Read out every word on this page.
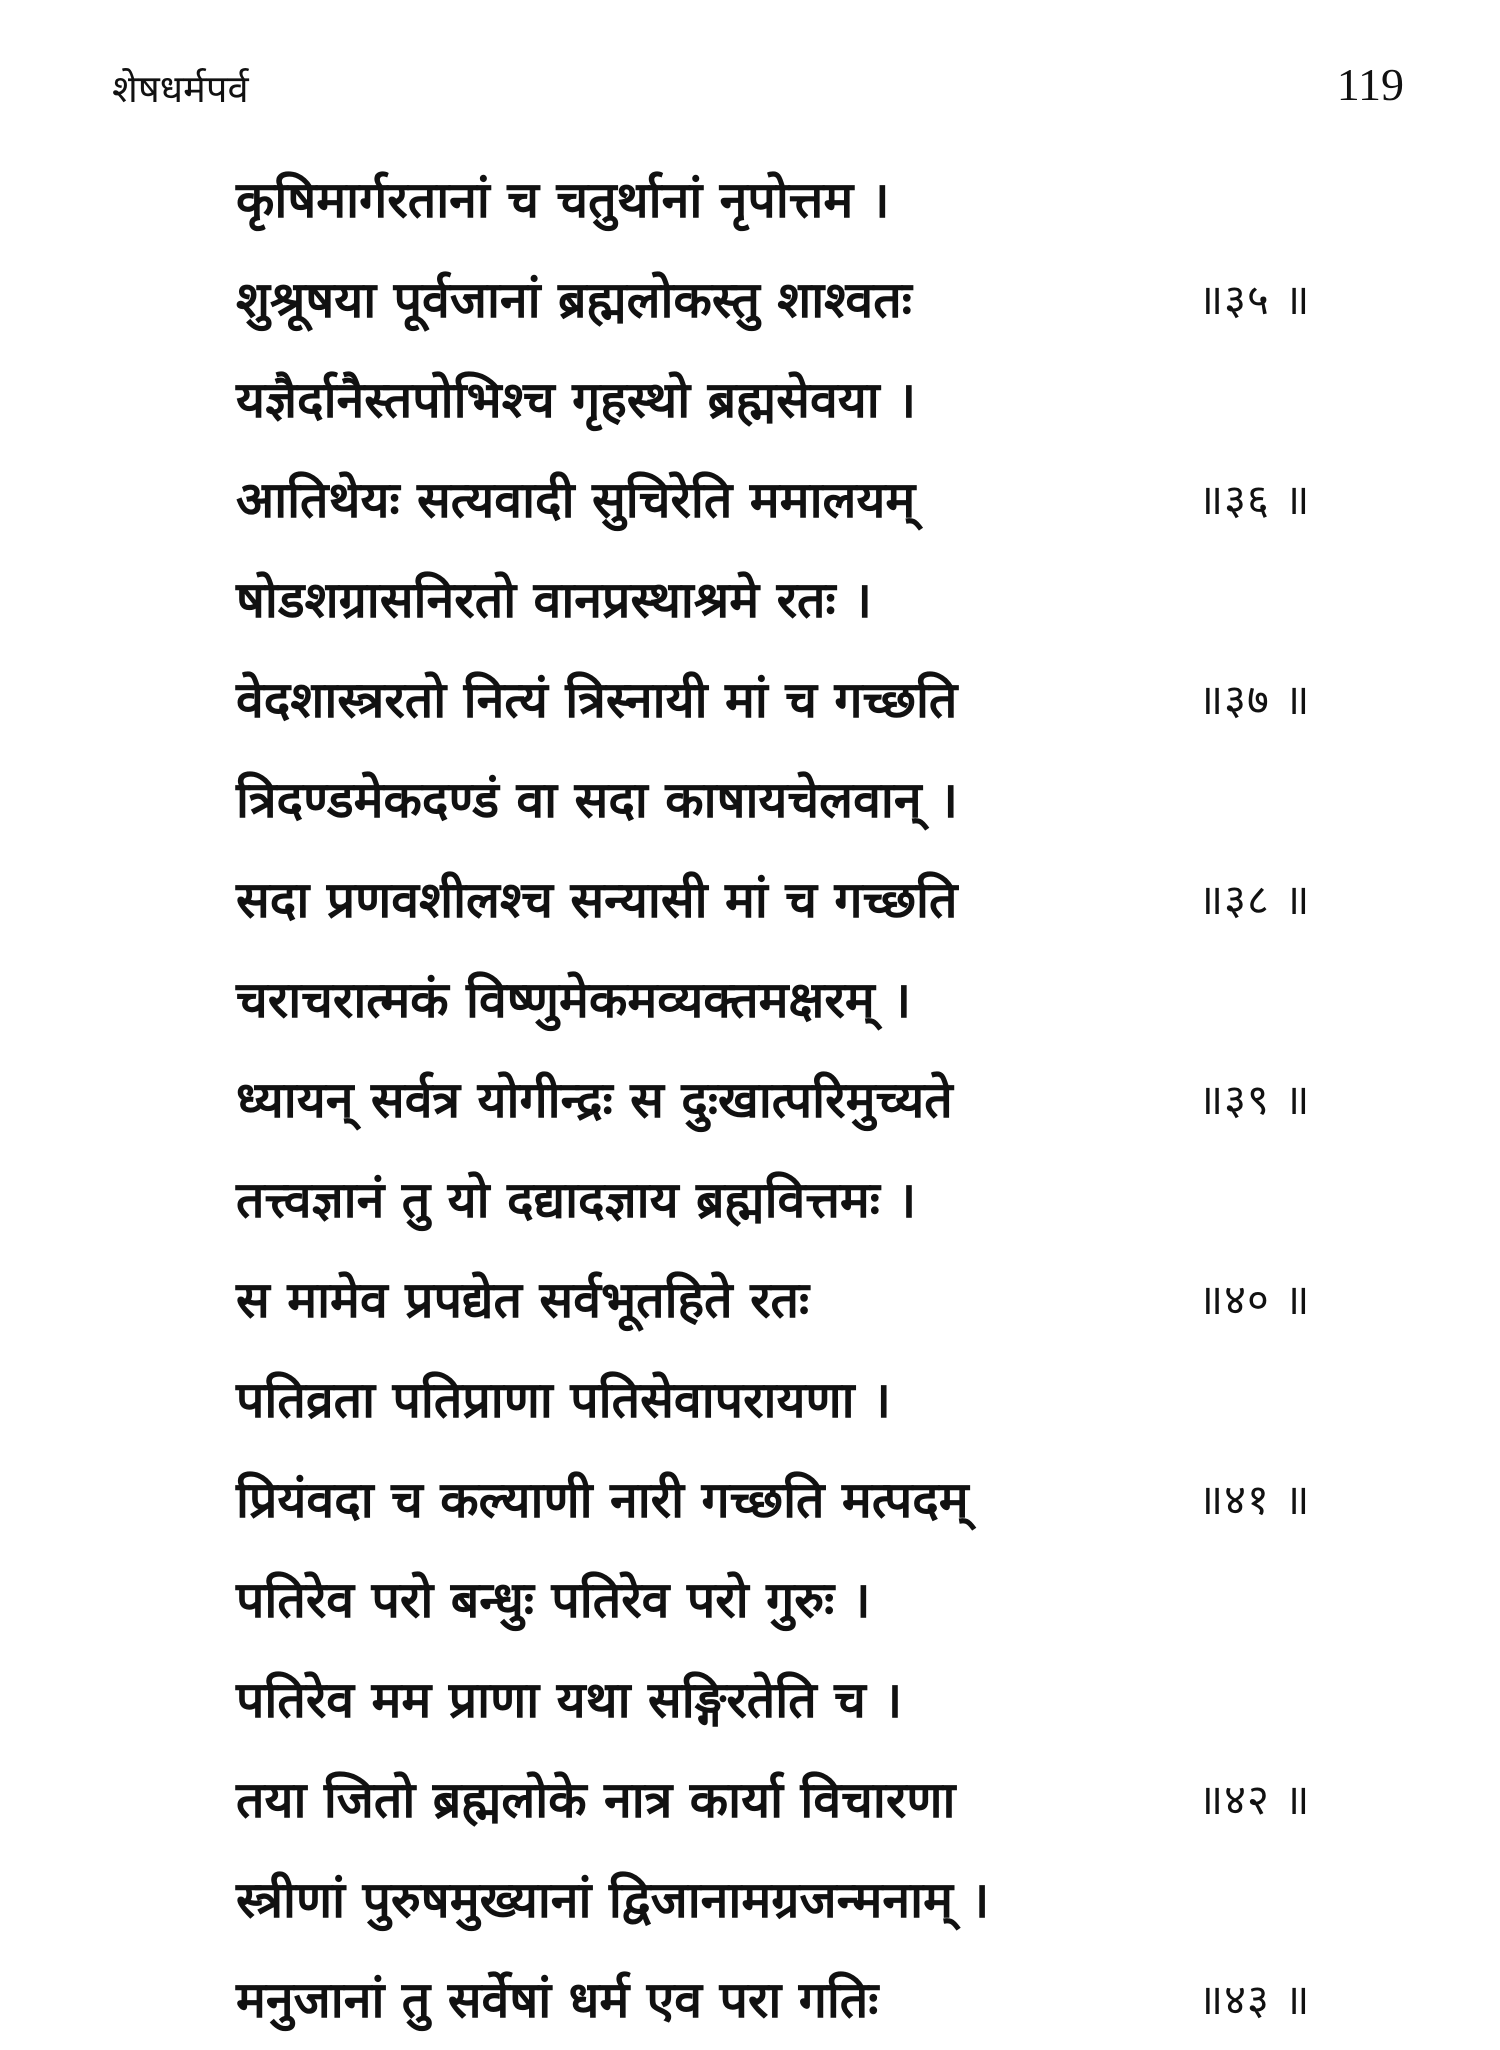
शेषधर्मपर्व	119
कृषिमार्गरतानां च चतुर्थानां नृपोत्तम ।
शुश्रूषया पूर्वजानां ब्रह्मलोकस्तु शाश्वतः	॥३५ ॥
यज्ञैर्दानैस्तपोभिश्च गृहस्थो ब्रह्मसेवया ।
आतिथेयः सत्यवादी सुचिरेति ममालयम्	॥३६ ॥
षोडशग्रासनिरतो वानप्रस्थाश्रमे रतः ।
वेदशास्त्ररतो नित्यं त्रिस्नायी मां च गच्छति	॥३७ ॥
त्रिदण्डमेकदण्डं वा सदा काषायचेलवान् ।
सदा प्रणवशीलश्च सन्यासी मां च गच्छति	॥३८ ॥
चराचरात्मकं विष्णुमेकमव्यक्तमक्षरम् ।
ध्यायन् सर्वत्र योगीन्द्रः स दुःखात्परिमुच्यते	॥३९ ॥
तत्त्वज्ञानं तु यो दद्यादज्ञाय ब्रह्मवित्तमः ।
स मामेव प्रपद्येत सर्वभूतहिते रतः	॥४० ॥
पतिव्रता पतिप्राणा पतिसेवापरायणा ।
प्रियंवदा च कल्याणी नारी गच्छति मत्पदम्	॥४१ ॥
पतिरेव परो बन्धुः पतिरेव परो गुरुः ।
पतिरेव मम प्राणा यथा सङ्गिरतेति च ।
तया जितो ब्रह्मलोके नात्र कार्या विचारणा	॥४२ ॥
स्त्रीणां पुरुषमुख्यानां द्विजानामग्रजन्मनाम् ।
मनुजानां तु सर्वेषां धर्म एव परा गतिः	॥४३ ॥
